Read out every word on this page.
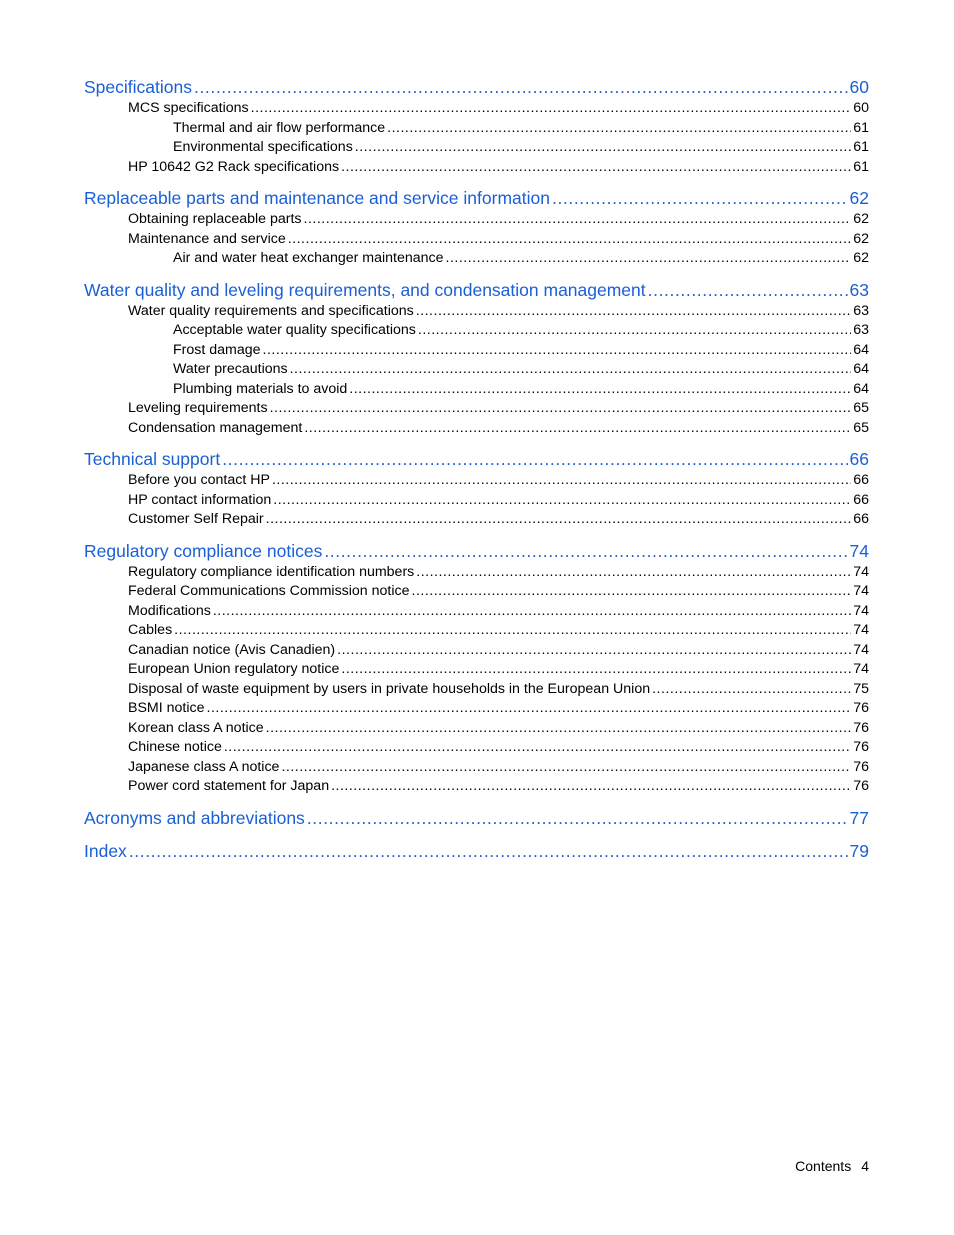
Specifications .....	60
MCS specifications .....	60
Thermal and air flow performance .....	61
Environmental specifications .....	61
HP 10642 G2 Rack specifications .....	61
Replaceable parts and maintenance and service information .....	62
Obtaining replaceable parts .....	62
Maintenance and service .....	62
Air and water heat exchanger maintenance .....	62
Water quality and leveling requirements, and condensation management .....	63
Water quality requirements and specifications .....	63
Acceptable water quality specifications .....	63
Frost damage .....	64
Water precautions .....	64
Plumbing materials to avoid .....	64
Leveling requirements .....	65
Condensation management .....	65
Technical support .....	66
Before you contact HP .....	66
HP contact information .....	66
Customer Self Repair .....	66
Regulatory compliance notices .....	74
Regulatory compliance identification numbers .....	74
Federal Communications Commission notice .....	74
Modifications .....	74
Cables .....	74
Canadian notice (Avis Canadien) .....	74
European Union regulatory notice .....	74
Disposal of waste equipment by users in private households in the European Union .....	75
BSMI notice .....	76
Korean class A notice .....	76
Chinese notice .....	76
Japanese class A notice .....	76
Power cord statement for Japan .....	76
Acronyms and abbreviations .....	77
Index .....	79
Contents 4
